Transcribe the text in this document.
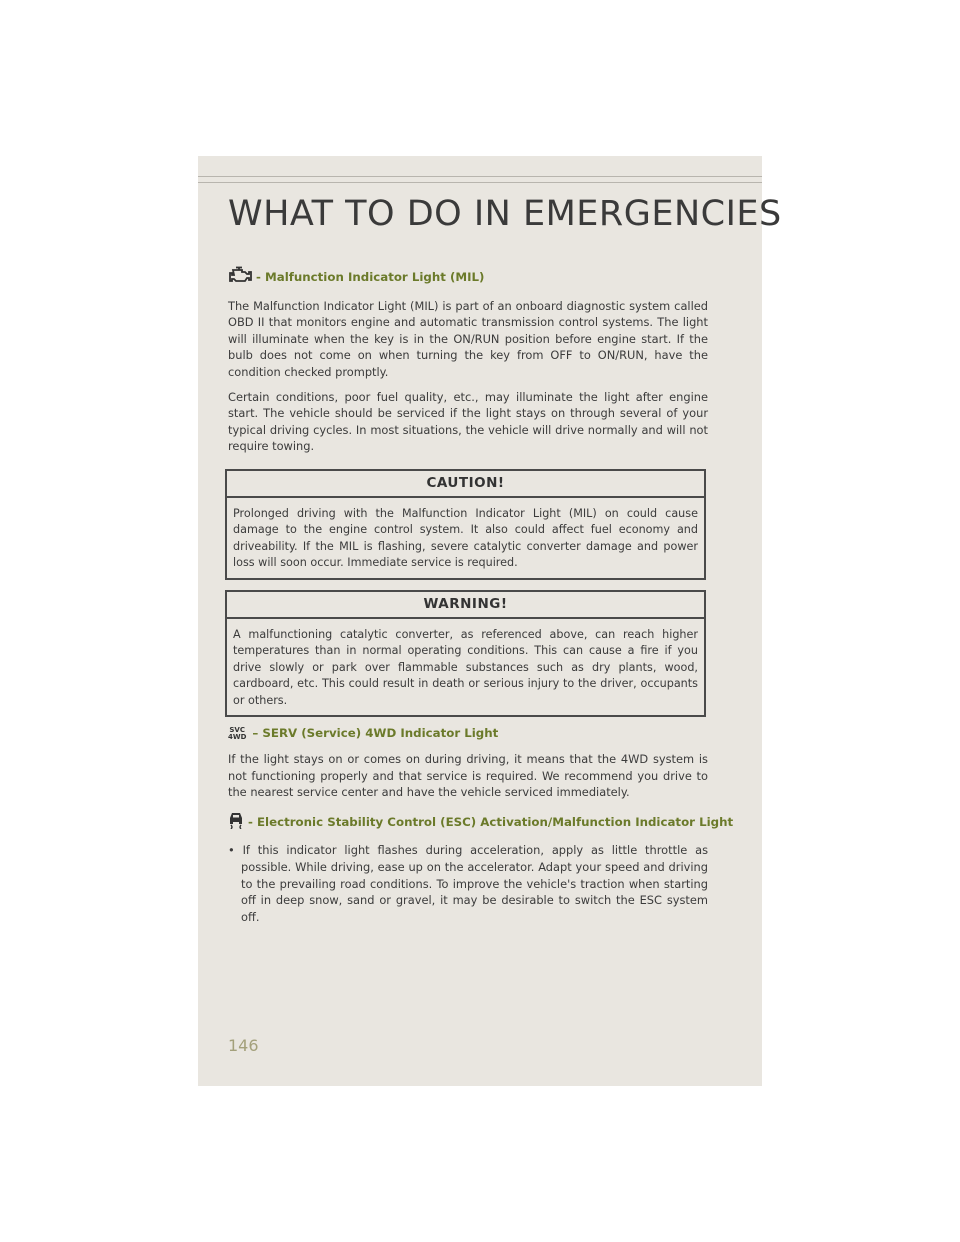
WHAT TO DO IN EMERGENCIES
- Malfunction Indicator Light (MIL)

The Malfunction Indicator Light (MIL) is part of an onboard diagnostic system called OBD II that monitors engine and automatic transmission control systems. The light will illuminate when the key is in the ON/RUN position before engine start. If the bulb does not come on when turning the key from OFF to ON/RUN, have the condition checked promptly.

Certain conditions, poor fuel quality, etc., may illuminate the light after engine start. The vehicle should be serviced if the light stays on through several of your typical driving cycles. In most situations, the vehicle will drive normally and will not require towing.

CAUTION!
Prolonged driving with the Malfunction Indicator Light (MIL) on could cause damage to the engine control system. It also could affect fuel economy and driveability. If the MIL is flashing, severe catalytic converter damage and power loss will soon occur. Immediate service is required.
WARNING!
A malfunctioning catalytic converter, as referenced above, can reach higher temperatures than in normal operating conditions. This can cause a fire if you drive slowly or park over flammable substances such as dry plants, wood, cardboard, etc. This could result in death or serious injury to the driver, occupants or others.
SVC
4WD – SERV (Service) 4WD Indicator Light

If the light stays on or comes on during driving, it means that the 4WD system is not functioning properly and that service is required. We recommend you drive to the nearest service center and have the vehicle serviced immediately.

- Electronic Stability Control (ESC) Activation/Malfunction Indicator Light

• If this indicator light flashes during acceleration, apply as little throttle as possible. While driving, ease up on the accelerator. Adapt your speed and driving to the prevailing road conditions. To improve the vehicle's traction when starting off in deep snow, sand or gravel, it may be desirable to switch the ESC system off.

146
